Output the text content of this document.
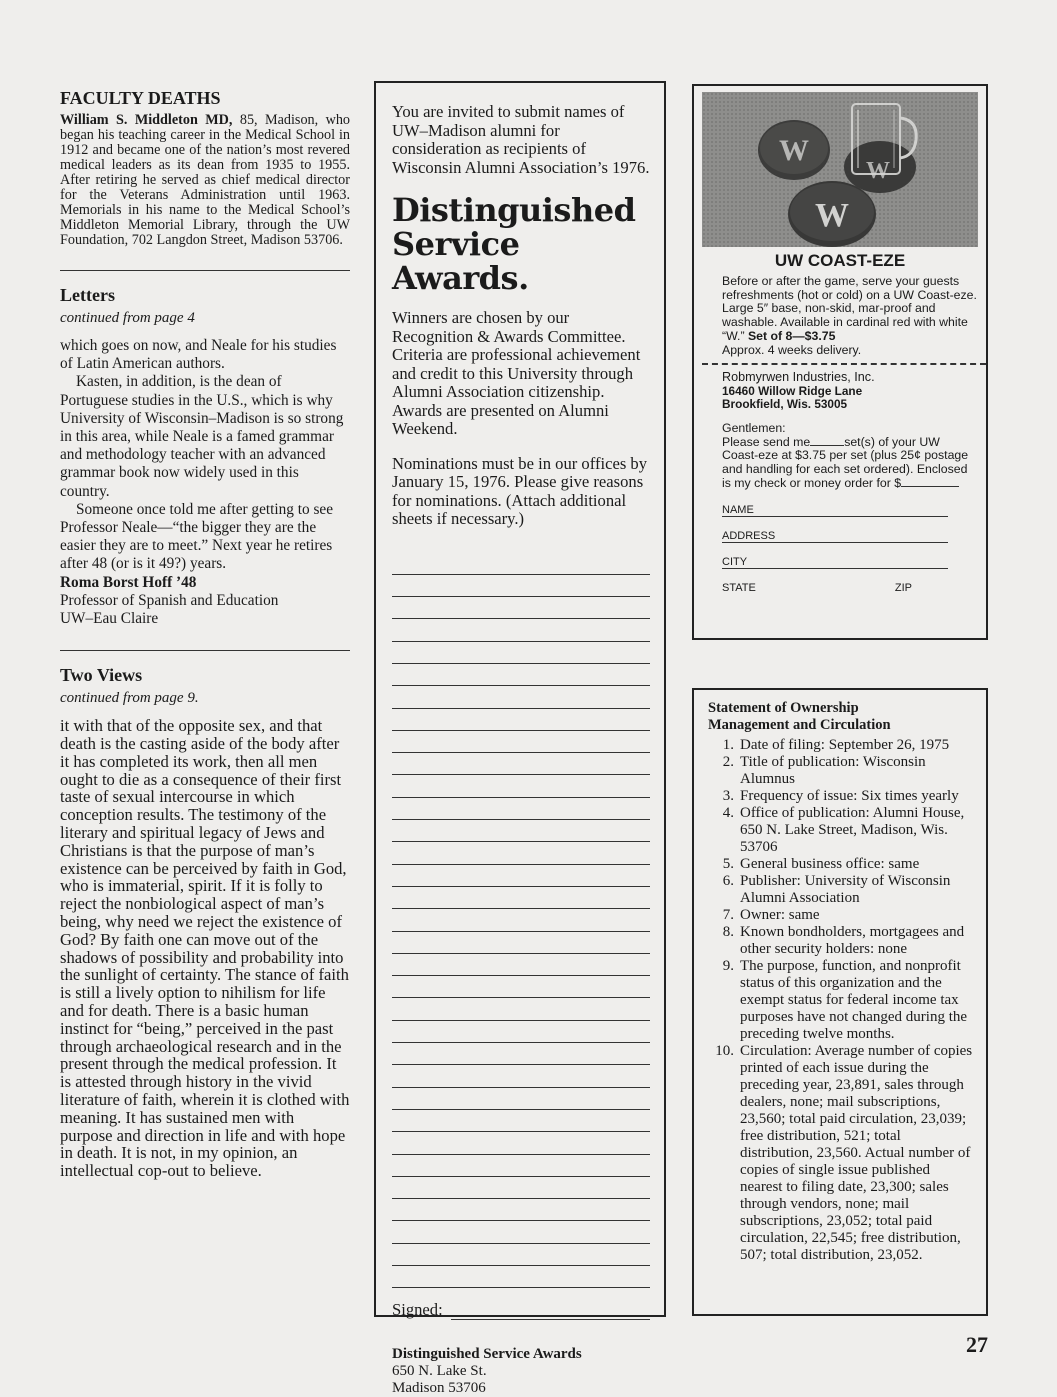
FACULTY DEATHS

William S. Middleton MD, 85, Madison, who began his teaching career in the Medical School in 1912 and became one of the nation’s most revered medical leaders as its dean from 1935 to 1955. After retiring he served as chief medical director for the Veterans Administration until 1963. Memorials in his name to the Medical School’s Middleton Memorial Library, through the UW Foundation, 702 Langdon Street, Madison 53706.

Letters

continued from page 4

which goes on now, and Neale for his studies of Latin American authors.

Kasten, in addition, is the dean of Portuguese studies in the U.S., which is why University of Wisconsin–Madison is so strong in this area, while Neale is a famed grammar and methodology teacher with an advanced grammar book now widely used in this country.

Someone once told me after getting to see Professor Neale—“the bigger they are the easier they are to meet.” Next year he retires after 48 (or is it 49?) years.

Roma Borst Hoff ’48

Professor of Spanish and Education

UW–Eau Claire

Two Views

continued from page 9.

it with that of the opposite sex, and that death is the casting aside of the body after it has completed its work, then all men ought to die as a consequence of their first taste of sexual intercourse in which conception results. The testimony of the literary and spiritual legacy of Jews and Christians is that the purpose of man’s existence can be perceived by faith in God, who is immaterial, spirit. If it is folly to reject the nonbiological aspect of man’s being, why need we reject the existence of God? By faith one can move out of the shadows of possibility and probability into the sunlight of certainty. The stance of faith is still a lively option to nihilism for life and for death. There is a basic human instinct for “being,” perceived in the past through archaeological research and in the present through the medical profession. It is attested through history in the vivid literature of faith, wherein it is clothed with meaning. It has sustained men with purpose and direction in life and with hope in death. It is not, in my opinion, an intellectual cop-out to believe.

You are invited to submit names of UW–Madison alumni for consideration as recipients of Wisconsin Alumni Association’s 1976.

Distinguished
Service Awards.

Winners are chosen by our Recognition & Awards Committee. Criteria are professional achievement and credit to this University through Alumni Association citizenship. Awards are presented on Alumni Weekend.

Nominations must be in our offices by January 15, 1976. Please give reasons for nominations. (Attach additional sheets if necessary.)

Signed:
Distinguished Service Awards
650 N. Lake St.
Madison 53706
W
W
W
UW COAST-EZE

Before or after the game, serve your guests refreshments (hot or cold) on a UW Coast-eze. Large 5″ base, non-skid, mar-proof and washable. Available in cardinal red with white “W.” Set of 8—$3.75
Approx. 4 weeks delivery.

Robmyrwen Industries, Inc.
16460 Willow Ridge Lane
Brookfield, Wis. 53005
Gentlemen:
Please send me	set(s) of your UW Coast-eze at $3.75 per set (plus 25¢ postage and handling for each set ordered). Enclosed is my check or money order for $
NAME
ADDRESS
CITY
STATE	ZIP

Statement of Ownership
Management and Circulation

1. Date of filing: September 26, 1975
2. Title of publication: Wisconsin Alumnus
3. Frequency of issue: Six times yearly
4. Office of publication: Alumni House, 650 N. Lake Street, Madison, Wis. 53706
5. General business office: same
6. Publisher: University of Wisconsin Alumni Association
7. Owner: same
8. Known bondholders, mortgagees and other security holders: none
9. The purpose, function, and nonprofit status of this organization and the exempt status for federal income tax purposes have not changed during the preceding twelve months.
10. Circulation: Average number of copies printed of each issue during the preceding year, 23,891, sales through dealers, none; mail subscriptions, 23,560; total paid circulation, 23,039; free distribution, 521; total distribution, 23,560. Actual number of copies of single issue published nearest to filing date, 23,300; sales through vendors, none; mail subscriptions, 23,052; total paid circulation, 22,545; free distribution, 507; total distribution, 23,052.
27
